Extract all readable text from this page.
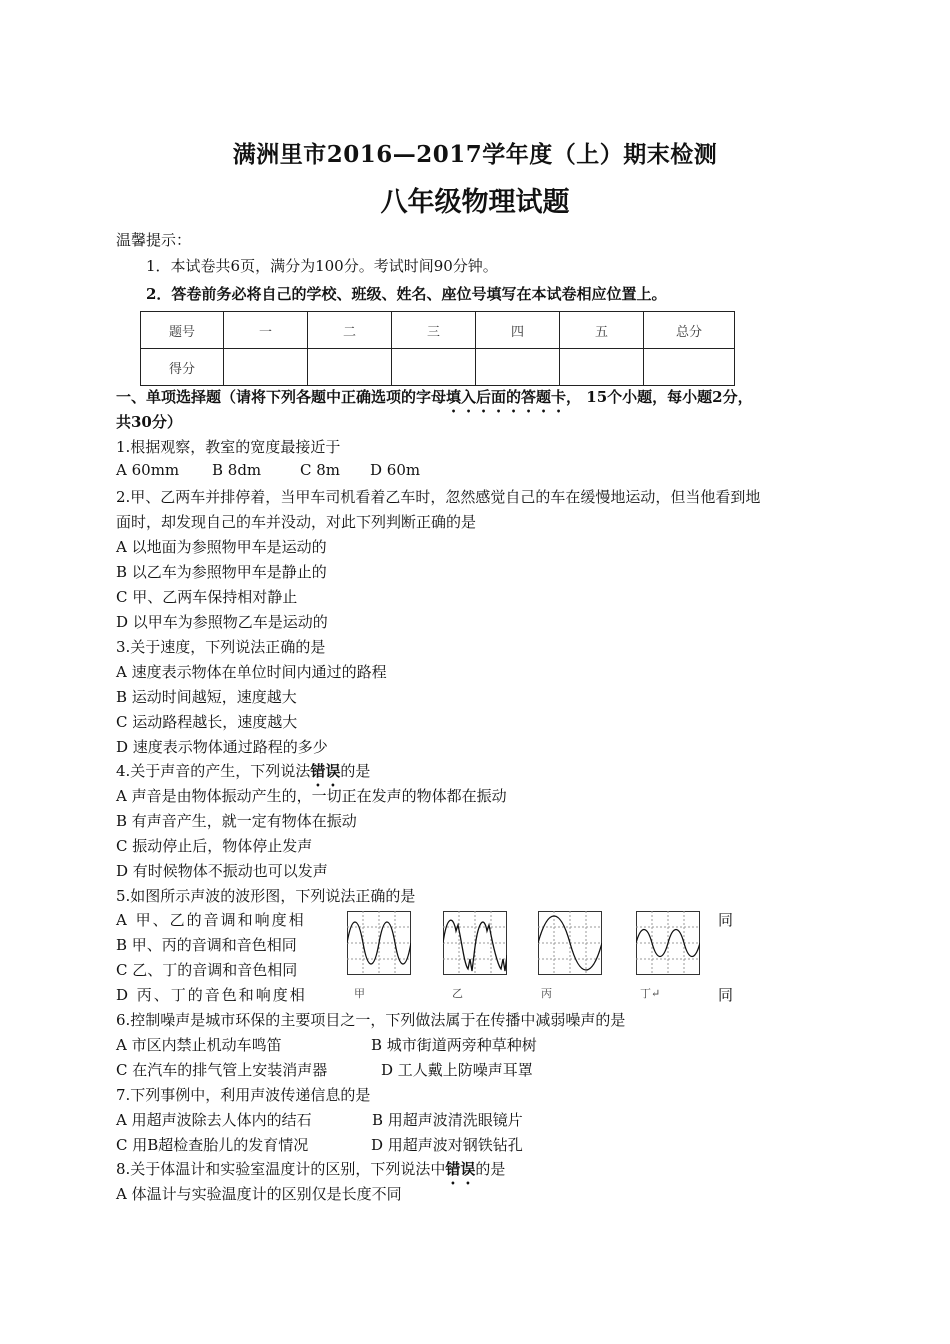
满洲里市2016—2017学年度（上）期末检测
八年级物理试题
温馨提示：
1．本试卷共6页，满分为100分。考试时间90分钟。
2．答卷前务必将自己的学校、班级、姓名、座位号填写在本试卷相应位置上。
题号	一	二	三	四	五	总分
得分						
一、单项选择题（请将下列各题中正确选项的字母填入后面的答题卡， 15个小题，每小题2分，
共30分）
1.根据观察，教室的宽度最接近于
A 60mm B 8dm	C 8m D 60m
2.甲、乙两车并排停着，当甲车司机看着乙车时，忽然感觉自己的车在缓慢地运动，但当他看到地
面时，却发现自己的车并没动，对此下列判断正确的是
A 以地面为参照物甲车是运动的
B 以乙车为参照物甲车是静止的
C 甲、乙两车保持相对静止
D 以甲车为参照物乙车是运动的
3.关于速度，下列说法正确的是
A 速度表示物体在单位时间内通过的路程
B 运动时间越短，速度越大
C 运动路程越长，速度越大
D 速度表示物体通过路程的多少
4.关于声音的产生，下列说法错误的是
A 声音是由物体振动产生的，一切正在发声的物体都在振动
B 有声音产生，就一定有物体在振动
C 振动停止后，物体停止发声
D 有时候物体不振动也可以发声
5.如图所示声波的波形图，下列说法正确的是
A 甲、乙的音调和响度相	同
B 甲、丙的音调和音色相同
C 乙、丁的音调和音色相同
D 丙、丁的音色和响度相	同
甲	乙	丙	丁↵
6.控制噪声是城市环保的主要项目之一，下列做法属于在传播中减弱噪声的是
A 市区内禁止机动车鸣笛	B 城市街道两旁种草种树
C 在汽车的排气管上安装消声器	D 工人戴上防噪声耳罩
7.下列事例中，利用声波传递信息的是
A 用超声波除去人体内的结石	B 用超声波清洗眼镜片
C 用B超检查胎儿的发育情况	D 用超声波对钢铁钻孔
8.关于体温计和实验室温度计的区别，下列说法中错误的是
A 体温计与实验温度计的区别仅是长度不同
